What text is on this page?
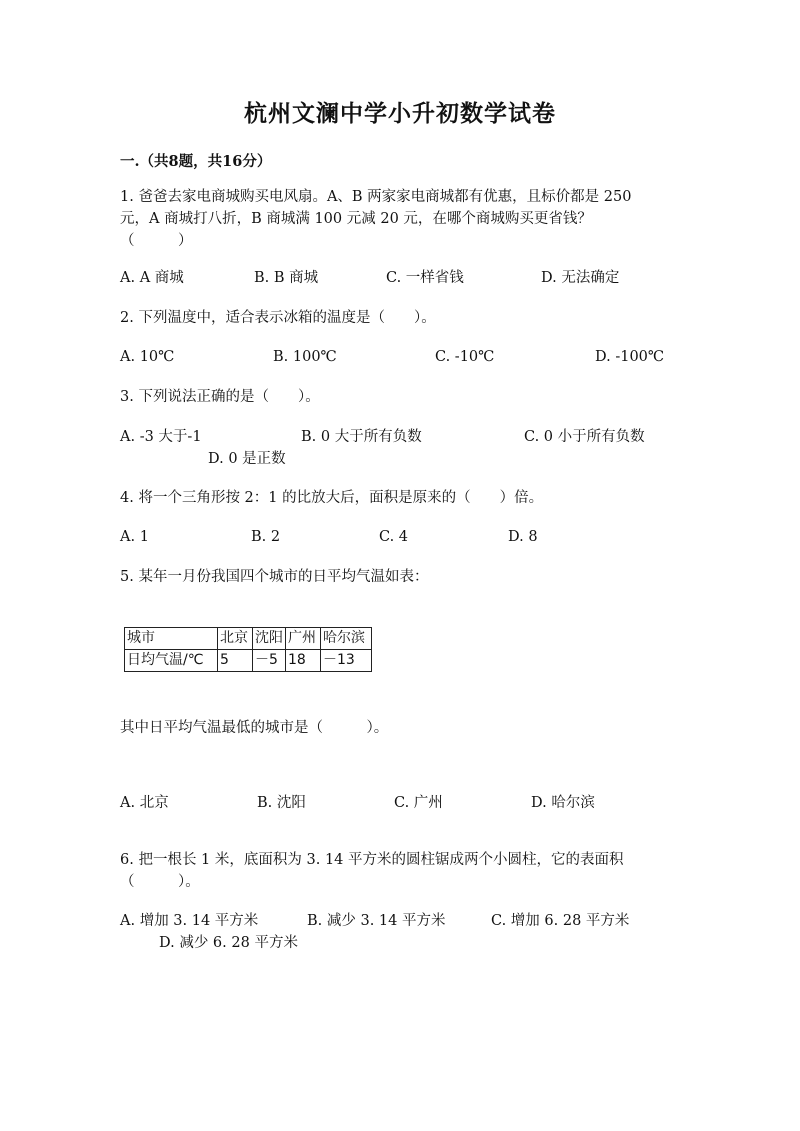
杭州文澜中学小升初数学试卷
一.（共8题，共16分）
1. 爸爸去家电商城购买电风扇。A、B 两家家电商城都有优惠，且标价都是 250
元，A 商城打八折，B 商城满 100 元减 20 元，在哪个商城购买更省钱？
（　　　）
A. A 商城	B. B 商城	C. 一样省钱	D. 无法确定
2. 下列温度中，适合表示冰箱的温度是（　　）。
A. 10℃	B. 100℃	C. -10℃	D. -100℃
3. 下列说法正确的是（　　）。
A. -3 大于-1	B. 0 大于所有负数	C. 0 小于所有负数
D. 0 是正数
4. 将一个三角形按 2：1 的比放大后，面积是原来的（　　）倍。
A. 1	B. 2	C. 4	D. 8
5. 某年一月份我国四个城市的日平均气温如表：
城市	北京	沈阳	广州	哈尔滨
日均气温/℃	5	－5	18	－13
其中日平均气温最低的城市是（　　　）。
A. 北京	B. 沈阳	C. 广州	D. 哈尔滨
6. 把一根长 1 米，底面积为 3. 14 平方米的圆柱锯成两个小圆柱，它的表面积
（　　　）。
A. 增加 3. 14 平方米	B. 减少 3. 14 平方米	C. 增加 6. 28 平方米
D. 减少 6. 28 平方米
